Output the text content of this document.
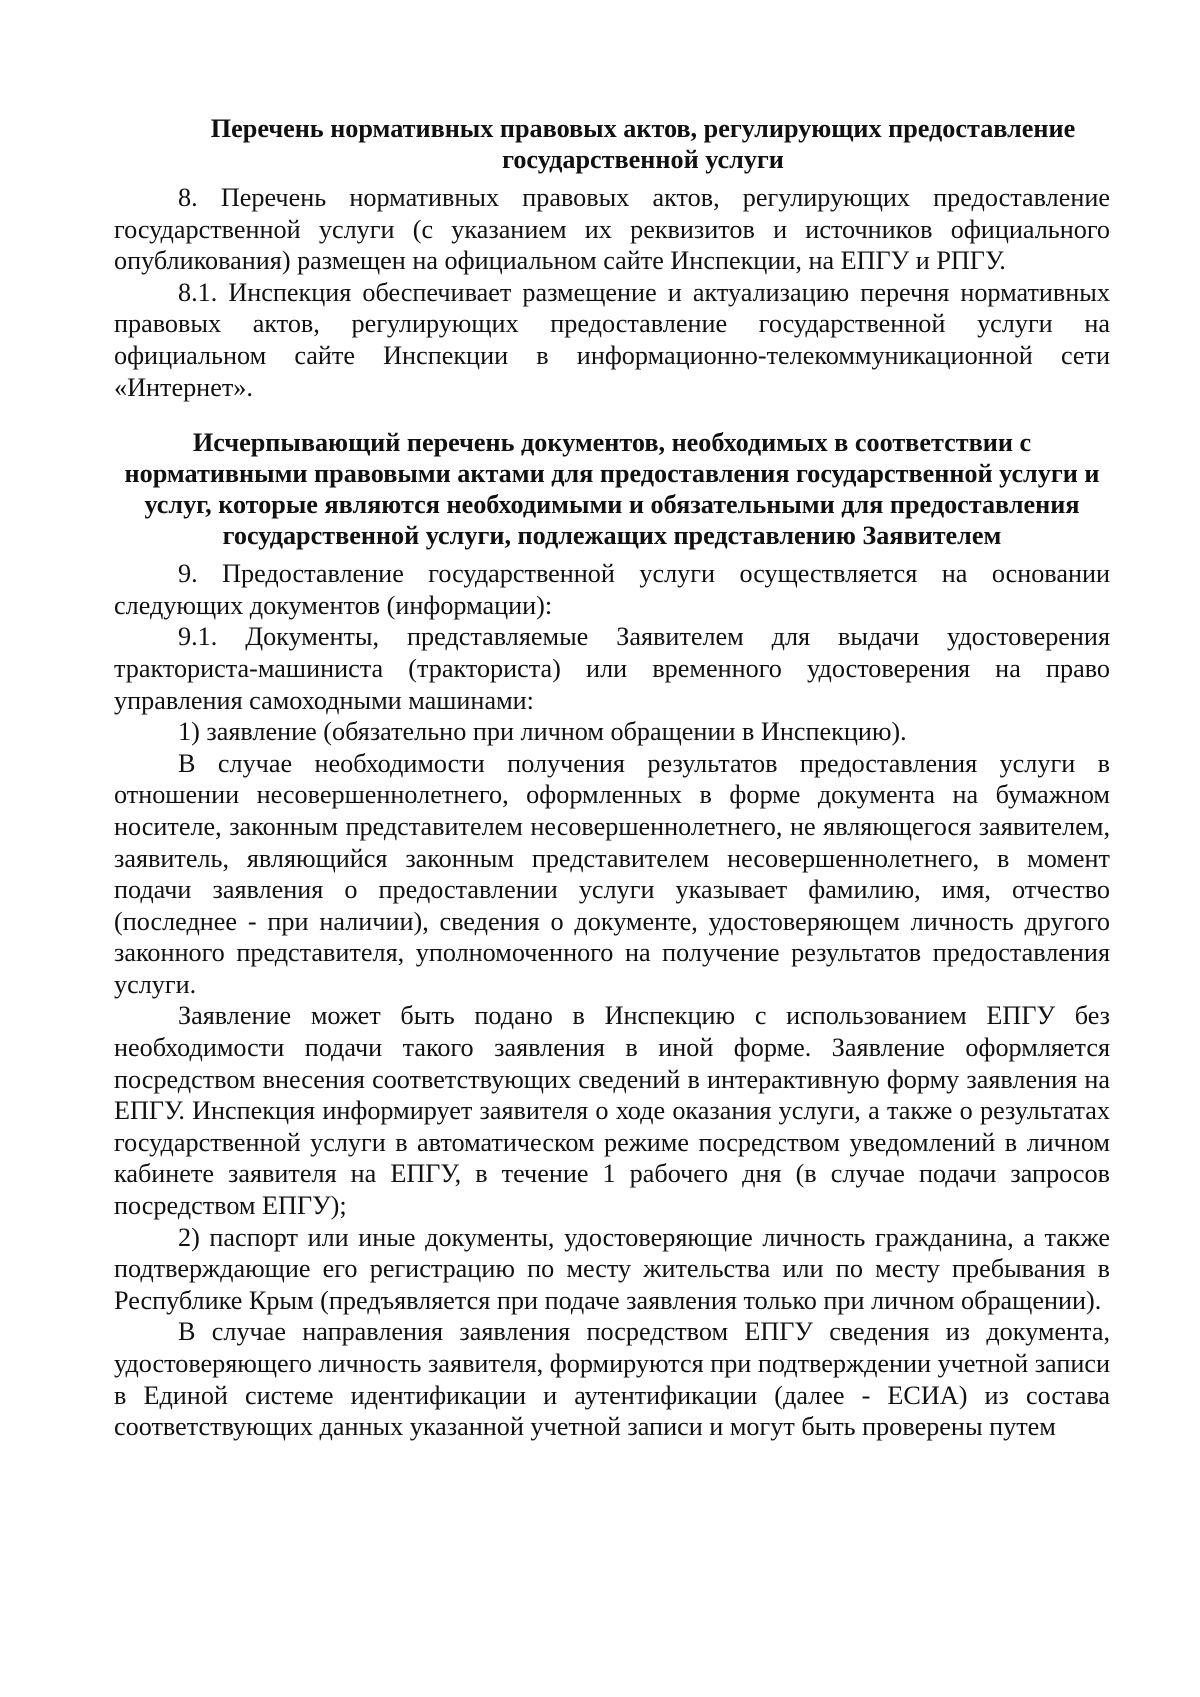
Перечень нормативных правовых актов, регулирующих предоставление государственной услуги

8. Перечень нормативных правовых актов, регулирующих предоставление государственной услуги (с указанием их реквизитов и источников официального опубликования) размещен на официальном сайте Инспекции, на ЕПГУ и РПГУ.

8.1. Инспекция обеспечивает размещение и актуализацию перечня нормативных правовых актов, регулирующих предоставление государственной услуги на официальном сайте Инспекции в информационно-телекоммуникационной сети «Интернет».

Исчерпывающий перечень документов, необходимых в соответствии с нормативными правовыми актами для предоставления государственной услуги и услуг, которые являются необходимыми и обязательными для предоставления государственной услуги, подлежащих представлению Заявителем

9. Предоставление государственной услуги осуществляется на основании следующих документов (информации):

9.1. Документы, представляемые Заявителем для выдачи удостоверения тракториста-машиниста (тракториста) или временного удостоверения на право управления самоходными машинами:

1) заявление (обязательно при личном обращении в Инспекцию).

В случае необходимости получения результатов предоставления услуги в отношении несовершеннолетнего, оформленных в форме документа на бумажном носителе, законным представителем несовершеннолетнего, не являющегося заявителем, заявитель, являющийся законным представителем несовершеннолетнего, в момент подачи заявления о предоставлении услуги указывает фамилию, имя, отчество (последнее - при наличии), сведения о документе, удостоверяющем личность другого законного представителя, уполномоченного на получение результатов предоставления услуги.

Заявление может быть подано в Инспекцию с использованием ЕПГУ без необходимости подачи такого заявления в иной форме. Заявление оформляется посредством внесения соответствующих сведений в интерактивную форму заявления на ЕПГУ. Инспекция информирует заявителя о ходе оказания услуги, а также о результатах государственной услуги в автоматическом режиме посредством уведомлений в личном кабинете заявителя на ЕПГУ, в течение 1 рабочего дня (в случае подачи запросов посредством ЕПГУ);

2) паспорт или иные документы, удостоверяющие личность гражданина, а также подтверждающие его регистрацию по месту жительства или по месту пребывания в Республике Крым (предъявляется при подаче заявления только при личном обращении).

В случае направления заявления посредством ЕПГУ сведения из документа, удостоверяющего личность заявителя, формируются при подтверждении учетной записи в Единой системе идентификации и аутентификации (далее - ЕСИА) из состава соответствующих данных указанной учетной записи и могут быть проверены путем
